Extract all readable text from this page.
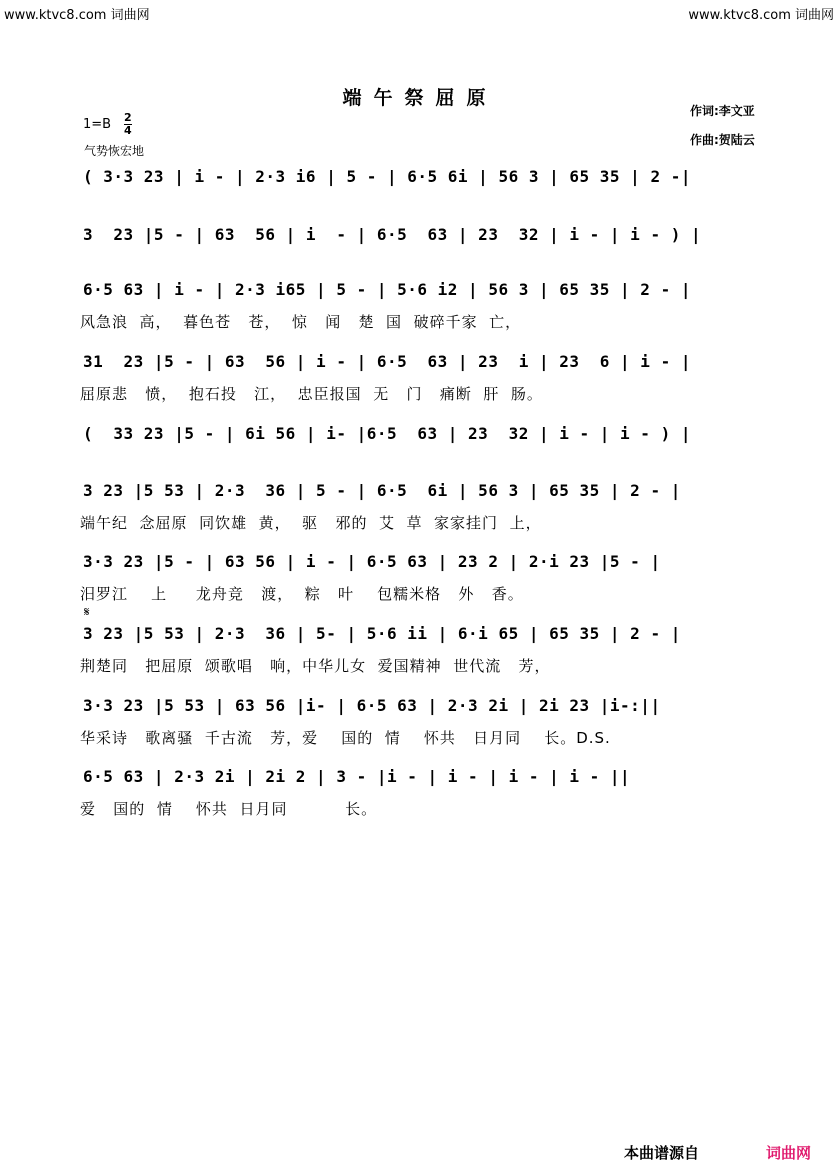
www.ktvc8.com 词曲网	www.ktvc8.com 词曲网
端午祭屈原
作词:李文亚
作曲:贺陆云
1=B 2
4
气势恢宏地
( 3·3 23 | i - | 2·3 i6 | 5 - | 6·5 6i | 56 3 | 65 35 | 2 -|
3  23 |5 - | 63  56 | i  - | 6·5  63 | 23  32 | i - | i - ) |
6·5 63 | i - | 2·3 i65 | 5 - | 5·6 i2 | 56 3 | 65 35 | 2 - |
风急浪  高，  暮色苍   苍，  惊   闻   楚  国  破碎千家  亡，
31  23 |5 - | 63  56 | i - | 6·5  63 | 23  i | 23  6 | i - |
屈原悲   愤，  抱石投   江，  忠臣报国  无   门   痛断  肝  肠。
(  33 23 |5 - | 6i 56 | i- |6·5  63 | 23  32 | i - | i - ) |
3 23 |5 53 | 2·3  36 | 5 - | 6·5  6i | 56 3 | 65 35 | 2 - |
端午纪  念屈原  同饮雄  黄，  驱   邪的  艾  草  家家挂门  上，
3·3 23 |5 - | 63 56 | i - | 6·5 63 | 23 2 | 2·i 23 |5 - |
汨罗江    上     龙舟竞   渡，  粽   叶    包糯米格   外   香。
𝄋
3 23 |5 53 | 2·3  36 | 5- | 5·6 ii | 6·i 65 | 65 35 | 2 - |
荆楚同   把屈原  颂歌唱   响，中华儿女  爱国精神  世代流   芳，
3·3 23 |5 53 | 63 56 |i- | 6·5 63 | 2·3 2i | 2i 23 |i-:||
华采诗   歌离骚  千古流   芳，爱    国的  情    怀共   日月同    长。D.S.
6·5 63 | 2·3 2i | 2i 2 | 3 - |i - | i - | i - | i - ||
爱   国的  情    怀共  日月同          长。
本曲谱源自	词曲网
